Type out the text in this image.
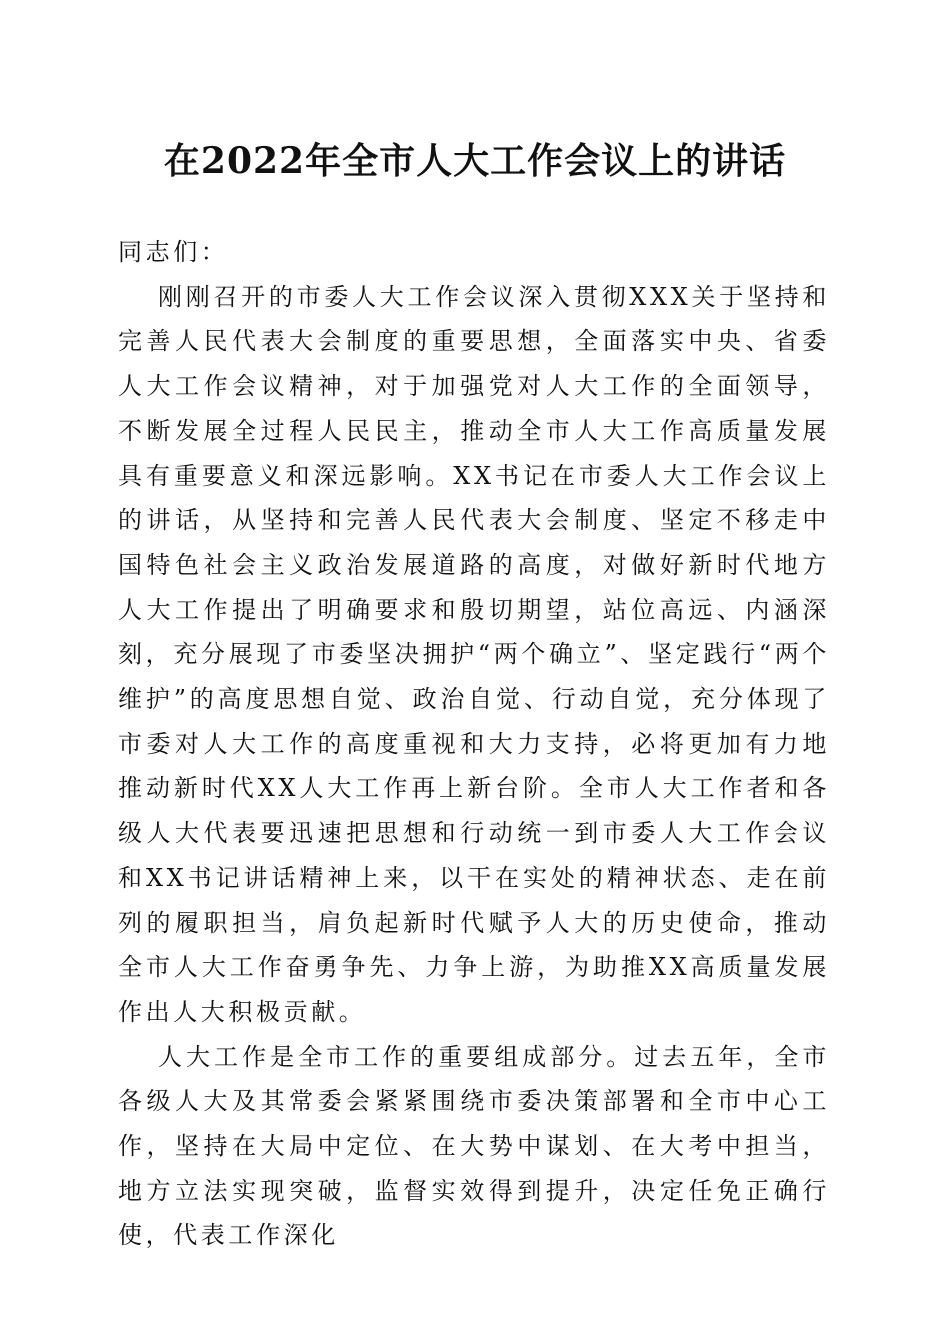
在2022年全市人大工作会议上的讲话

同志们：

刚刚召开的市委人大工作会议深入贯彻XXX关于坚持和完善人民代表大会制度的重要思想，全面落实中央、省委人大工作会议精神，对于加强党对人大工作的全面领导，不断发展全过程人民民主，推动全市人大工作高质量发展具有重要意义和深远影响。XX书记在市委人大工作会议上的讲话，从坚持和完善人民代表大会制度、坚定不移走中国特色社会主义政治发展道路的高度，对做好新时代地方人大工作提出了明确要求和殷切期望，站位高远、内涵深刻，充分展现了市委坚决拥护“两个确立”、坚定践行“两个维护”的高度思想自觉、政治自觉、行动自觉，充分体现了市委对人大工作的高度重视和大力支持，必将更加有力地推动新时代XX人大工作再上新台阶。全市人大工作者和各级人大代表要迅速把思想和行动统一到市委人大工作会议和XX书记讲话精神上来，以干在实处的精神状态、走在前列的履职担当，肩负起新时代赋予人大的历史使命，推动全市人大工作奋勇争先、力争上游，为助推XX高质量发展作出人大积极贡献。

人大工作是全市工作的重要组成部分。过去五年，全市各级人大及其常委会紧紧围绕市委决策部署和全市中心工作，坚持在大局中定位、在大势中谋划、在大考中担当，地方立法实现突破，监督实效得到提升，决定任免正确行使，代表工作深化
